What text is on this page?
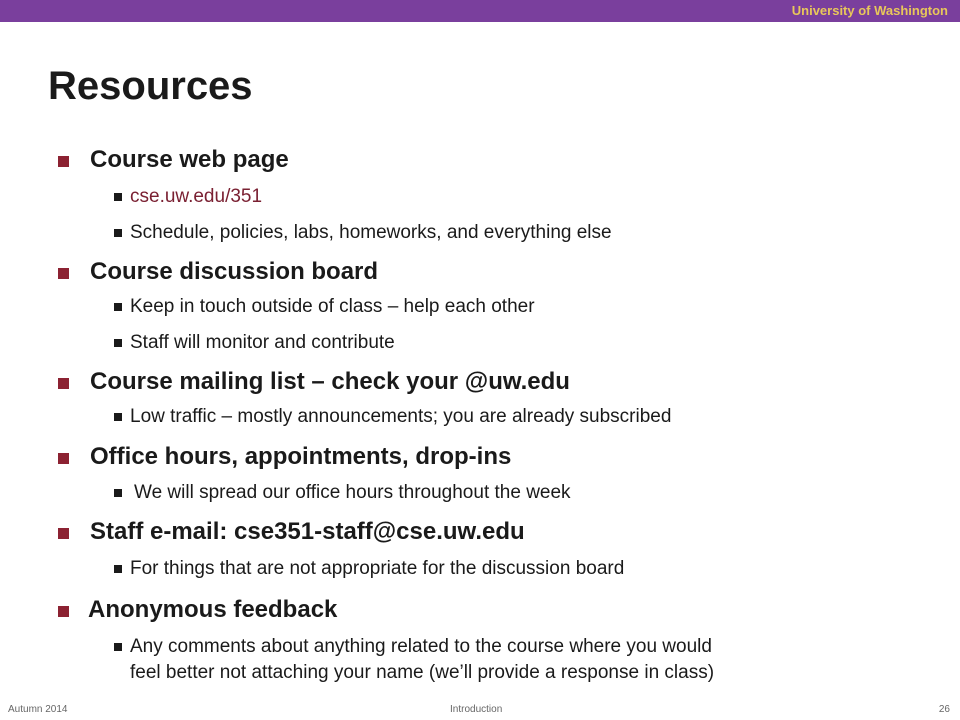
University of Washington
Resources
Course web page
cse.uw.edu/351
Schedule, policies, labs, homeworks, and everything else
Course discussion board
Keep in touch outside of class – help each other
Staff will monitor and contribute
Course mailing list – check your @uw.edu
Low traffic – mostly announcements; you are already subscribed
Office hours, appointments, drop-ins
We will spread our office hours throughout the week
Staff e-mail: cse351-staff@cse.uw.edu
For things that are not appropriate for the discussion board
Anonymous feedback
Any comments about anything related to the course where you would
feel better not attaching your name (we’ll provide a response in class)
Autumn 2014	Introduction	26
